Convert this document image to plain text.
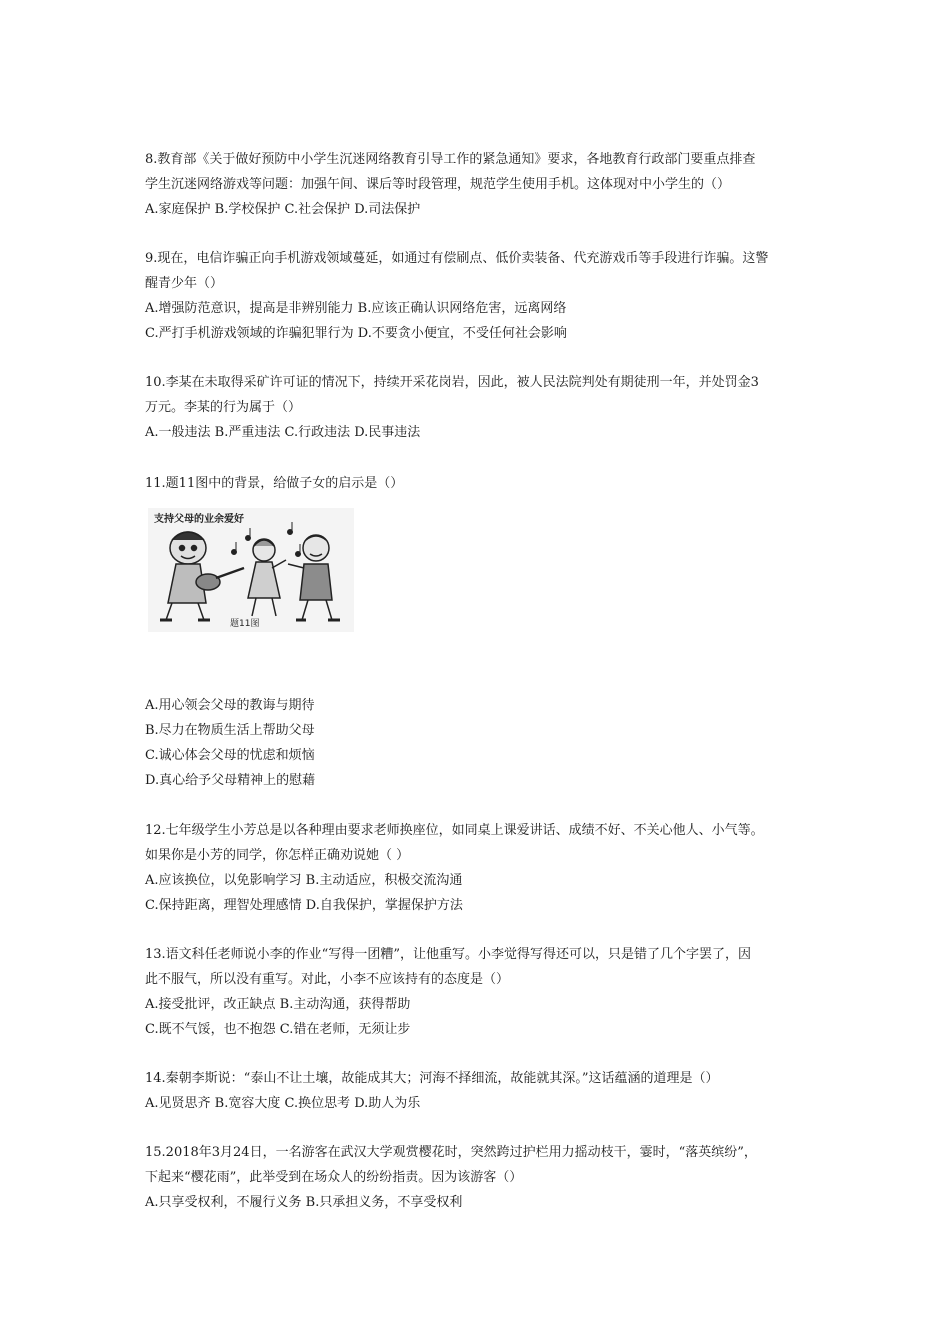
8.教育部《关于做好预防中小学生沉迷网络教育引导工作的紧急通知》要求，各地教育行政部门要重点排查
学生沉迷网络游戏等问题：加强午间、课后等时段管理，规范学生使用手机。这体现对中小学生的（）
A.家庭保护 B.学校保护 C.社会保护 D.司法保护
9.现在，电信诈骗正向手机游戏领域蔓延，如通过有偿刷点、低价卖装备、代充游戏币等手段进行诈骗。这警
醒青少年（）
A.增强防范意识，提高是非辨别能力 B.应该正确认识网络危害，远离网络
C.严打手机游戏领域的诈骗犯罪行为 D.不要贪小便宜，不受任何社会影响
10.李某在未取得采矿许可证的情况下，持续开采花岗岩，因此，被人民法院判处有期徒刑一年，并处罚金3
万元。李某的行为属于（）
A.一般违法 B.严重违法 C.行政违法 D.民事违法
11.题11图中的背景，给做子女的启示是（）
支持父母的业余爱好
题11图
A.用心领会父母的教诲与期待
B.尽力在物质生活上帮助父母
C.诚心体会父母的忧虑和烦恼
D.真心给予父母精神上的慰藉
12.七年级学生小芳总是以各种理由要求老师换座位，如同桌上课爱讲话、成绩不好、不关心他人、小气等。
如果你是小芳的同学，你怎样正确劝说她（ ）
A.应该换位，以免影响学习 B.主动适应，积极交流沟通
C.保持距离，理智处理感情 D.自我保护，掌握保护方法
13.语文科任老师说小李的作业“写得一团糟”，让他重写。小李觉得写得还可以，只是错了几个字罢了，因
此不服气，所以没有重写。对此，小李不应该持有的态度是（）
A.接受批评，改正缺点 B.主动沟通，获得帮助
C.既不气馁，也不抱怨 C.错在老师，无须让步
14.秦朝李斯说：“泰山不让土壤，故能成其大；河海不择细流，故能就其深。”这话蕴涵的道理是（）
A.见贤思齐 B.宽容大度 C.换位思考 D.助人为乐
15.2018年3月24日，一名游客在武汉大学观赏樱花时，突然跨过护栏用力摇动枝干，霎时，“落英缤纷”，
下起来“樱花雨”，此举受到在场众人的纷纷指责。因为该游客（）
A.只享受权利，不履行义务 B.只承担义务，不享受权利
